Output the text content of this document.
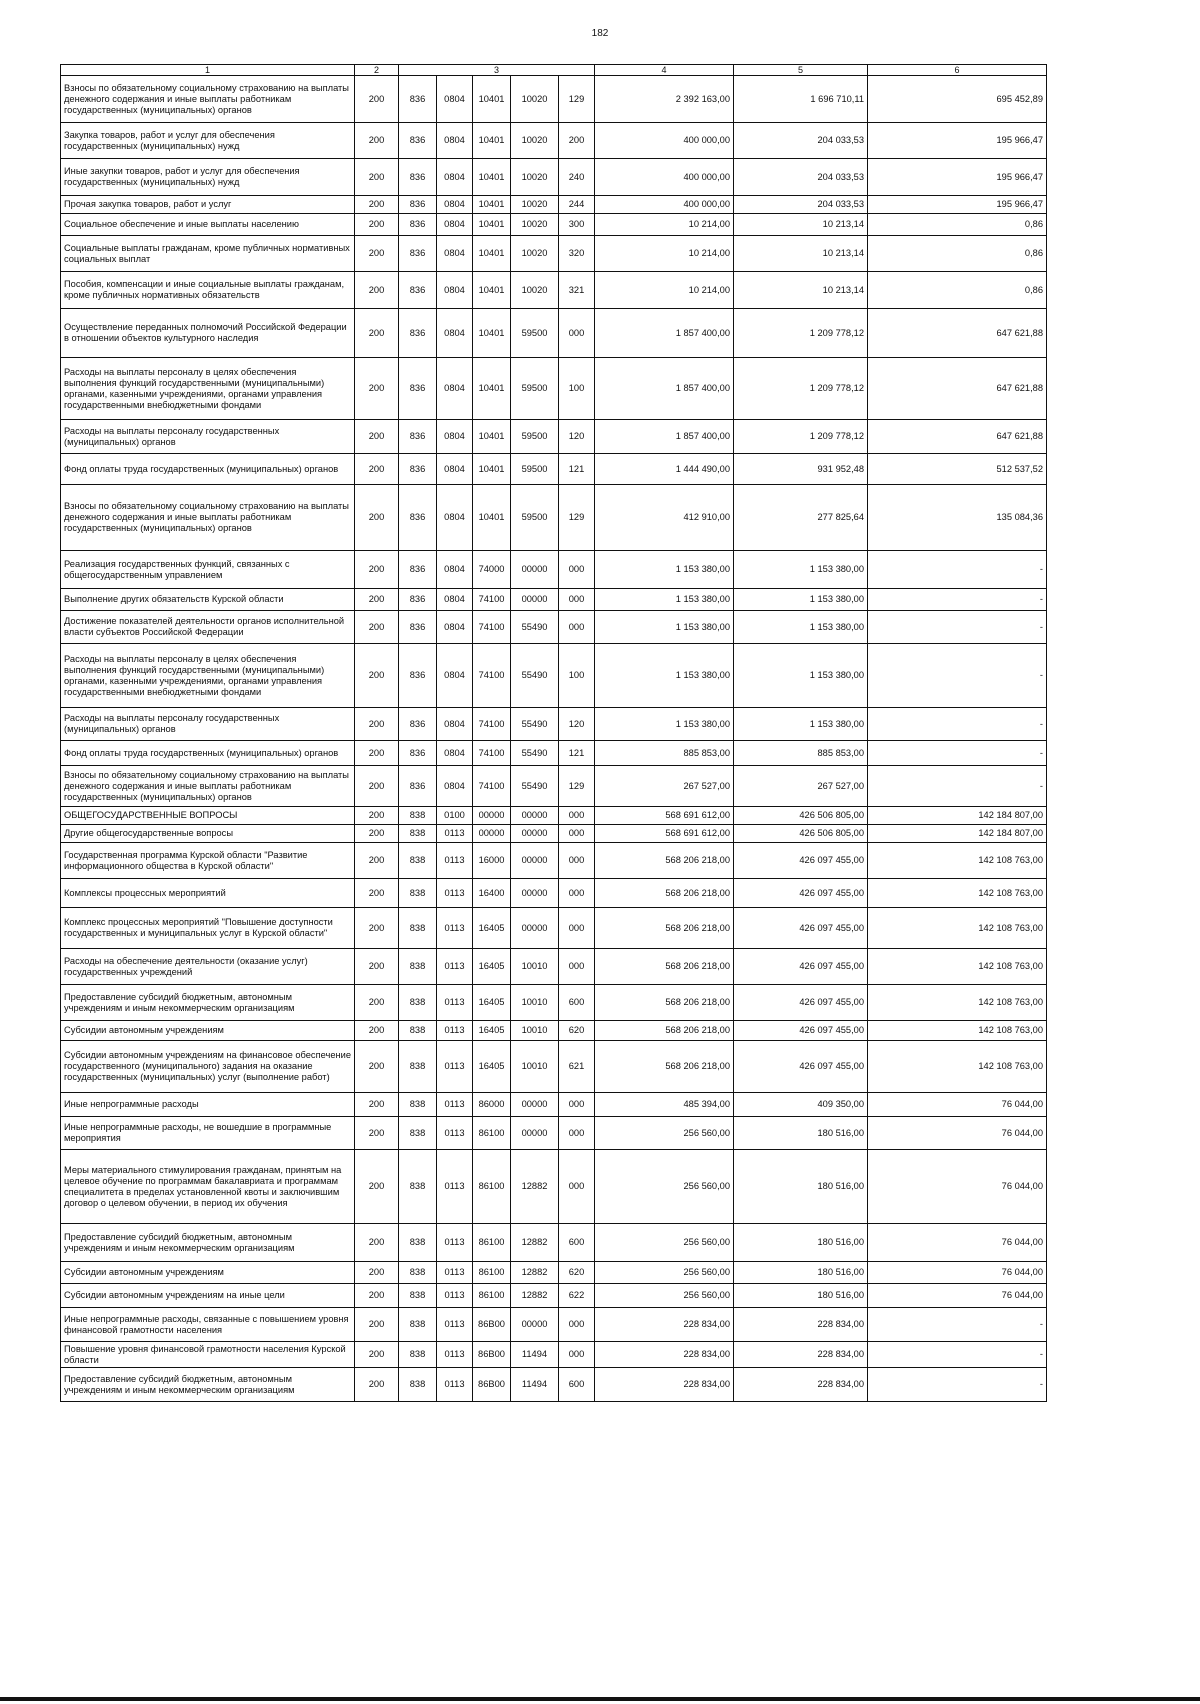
182
1	2	3					4	5	6
Взносы по обязательному социальному страхованию на выплаты денежного содержания и иные выплаты работникам государственных (муниципальных) органов	200	836	0804	10401	10020	129	2 392 163,00	1 696 710,11	695 452,89
Закупка товаров, работ и услуг для обеспечения государственных (муниципальных) нужд	200	836	0804	10401	10020	200	400 000,00	204 033,53	195 966,47
Иные закупки товаров, работ и услуг для обеспечения государственных (муниципальных) нужд	200	836	0804	10401	10020	240	400 000,00	204 033,53	195 966,47
Прочая закупка товаров, работ и услуг	200	836	0804	10401	10020	244	400 000,00	204 033,53	195 966,47
Социальное обеспечение и иные выплаты населению	200	836	0804	10401	10020	300	10 214,00	10 213,14	0,86
Социальные выплаты гражданам, кроме публичных нормативных социальных выплат	200	836	0804	10401	10020	320	10 214,00	10 213,14	0,86
Пособия, компенсации и иные социальные выплаты гражданам, кроме публичных нормативных обязательств	200	836	0804	10401	10020	321	10 214,00	10 213,14	0,86
Осуществление переданных полномочий Российской Федерации в отношении объектов культурного наследия	200	836	0804	10401	59500	000	1 857 400,00	1 209 778,12	647 621,88
Расходы на выплаты персоналу в целях обеспечения выполнения функций государственными (муниципальными) органами, казенными учреждениями, органами управления государственными внебюджетными фондами	200	836	0804	10401	59500	100	1 857 400,00	1 209 778,12	647 621,88
Расходы на выплаты персоналу государственных (муниципальных) органов	200	836	0804	10401	59500	120	1 857 400,00	1 209 778,12	647 621,88
Фонд оплаты труда государственных (муниципальных) органов	200	836	0804	10401	59500	121	1 444 490,00	931 952,48	512 537,52
Взносы по обязательному социальному страхованию на выплаты денежного содержания и иные выплаты работникам государственных (муниципальных) органов	200	836	0804	10401	59500	129	412 910,00	277 825,64	135 084,36
Реализация государственных функций, связанных с общегосударственным управлением	200	836	0804	74000	00000	000	1 153 380,00	1 153 380,00	-
Выполнение других обязательств Курской области	200	836	0804	74100	00000	000	1 153 380,00	1 153 380,00	-
Достижение показателей деятельности органов исполнительной власти субъектов Российской Федерации	200	836	0804	74100	55490	000	1 153 380,00	1 153 380,00	-
Расходы на выплаты персоналу в целях обеспечения выполнения функций государственными (муниципальными) органами, казенными учреждениями, органами управления государственными внебюджетными фондами	200	836	0804	74100	55490	100	1 153 380,00	1 153 380,00	-
Расходы на выплаты персоналу государственных (муниципальных) органов	200	836	0804	74100	55490	120	1 153 380,00	1 153 380,00	-
Фонд оплаты труда государственных (муниципальных) органов	200	836	0804	74100	55490	121	885 853,00	885 853,00	-
Взносы по обязательному социальному страхованию на выплаты денежного содержания и иные выплаты работникам государственных (муниципальных) органов	200	836	0804	74100	55490	129	267 527,00	267 527,00	-
ОБЩЕГОСУДАРСТВЕННЫЕ ВОПРОСЫ	200	838	0100	00000	00000	000	568 691 612,00	426 506 805,00	142 184 807,00
Другие общегосударственные вопросы	200	838	0113	00000	00000	000	568 691 612,00	426 506 805,00	142 184 807,00
Государственная программа Курской области "Развитие информационного общества в Курской области"	200	838	0113	16000	00000	000	568 206 218,00	426 097 455,00	142 108 763,00
Комплексы процессных мероприятий	200	838	0113	16400	00000	000	568 206 218,00	426 097 455,00	142 108 763,00
Комплекс процессных мероприятий "Повышение доступности государственных и муниципальных услуг в Курской области"	200	838	0113	16405	00000	000	568 206 218,00	426 097 455,00	142 108 763,00
Расходы на обеспечение деятельности (оказание услуг) государственных учреждений	200	838	0113	16405	10010	000	568 206 218,00	426 097 455,00	142 108 763,00
Предоставление субсидий бюджетным, автономным учреждениям и иным некоммерческим организациям	200	838	0113	16405	10010	600	568 206 218,00	426 097 455,00	142 108 763,00
Субсидии автономным учреждениям	200	838	0113	16405	10010	620	568 206 218,00	426 097 455,00	142 108 763,00
Субсидии автономным учреждениям на финансовое обеспечение государственного (муниципального) задания на оказание государственных (муниципальных) услуг (выполнение работ)	200	838	0113	16405	10010	621	568 206 218,00	426 097 455,00	142 108 763,00
Иные непрограммные расходы	200	838	0113	86000	00000	000	485 394,00	409 350,00	76 044,00
Иные непрограммные расходы, не вошедшие в программные мероприятия	200	838	0113	86100	00000	000	256 560,00	180 516,00	76 044,00
Меры материального стимулирования гражданам, принятым на целевое обучение по программам бакалавриата и программам специалитета в пределах установленной квоты и заключившим договор о целевом обучении, в период их обучения	200	838	0113	86100	12882	000	256 560,00	180 516,00	76 044,00
Предоставление субсидий бюджетным, автономным учреждениям и иным некоммерческим организациям	200	838	0113	86100	12882	600	256 560,00	180 516,00	76 044,00
Субсидии автономным учреждениям	200	838	0113	86100	12882	620	256 560,00	180 516,00	76 044,00
Субсидии автономным учреждениям на иные цели	200	838	0113	86100	12882	622	256 560,00	180 516,00	76 044,00
Иные непрограммные расходы, связанные с повышением уровня финансовой грамотности населения	200	838	0113	86В00	00000	000	228 834,00	228 834,00	-
Повышение уровня финансовой грамотности населения Курской области	200	838	0113	86В00	11494	000	228 834,00	228 834,00	-
Предоставление субсидий бюджетным, автономным учреждениям и иным некоммерческим организациям	200	838	0113	86В00	11494	600	228 834,00	228 834,00	-
